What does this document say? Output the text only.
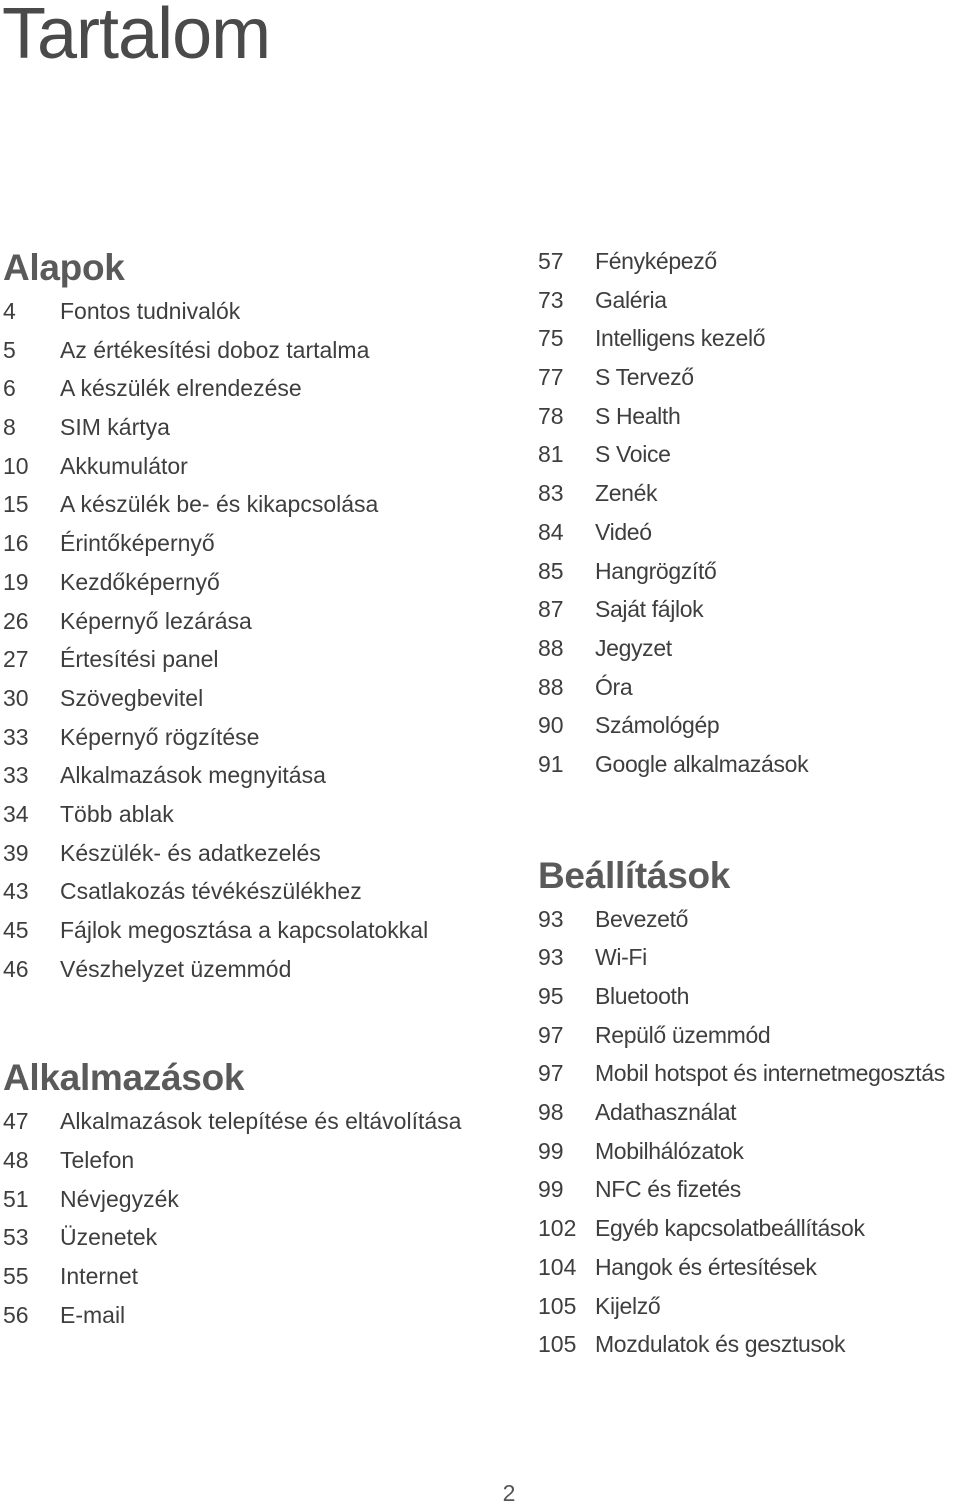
Tartalom
Alapok
4	Fontos tudnivalók
5	Az értékesítési doboz tartalma
6	A készülék elrendezése
8	SIM kártya
10	Akkumulátor
15	A készülék be- és kikapcsolása
16	Érintőképernyő
19	Kezdőképernyő
26	Képernyő lezárása
27	Értesítési panel
30	Szövegbevitel
33	Képernyő rögzítése
33	Alkalmazások megnyitása
34	Több ablak
39	Készülék- és adatkezelés
43	Csatlakozás tévékészülékhez
45	Fájlok megosztása a kapcsolatokkal
46	Vészhelyzet üzemmód
Alkalmazások
47	Alkalmazások telepítése és eltávolítása
48	Telefon
51	Névjegyzék
53	Üzenetek
55	Internet
56	E-mail
57	Fényképező
73	Galéria
75	Intelligens kezelő
77	S Tervező
78	S Health
81	S Voice
83	Zenék
84	Videó
85	Hangrögzítő
87	Saját fájlok
88	Jegyzet
88	Óra
90	Számológép
91	Google alkalmazások
Beállítások
93	Bevezető
93	Wi-Fi
95	Bluetooth
97	Repülő üzemmód
97	Mobil hotspot és internetmegosztás
98	Adathasználat
99	Mobilhálózatok
99	NFC és fizetés
102 Egyéb kapcsolatbeállítások
104 Hangok és értesítések
105 Kijelző
105 Mozdulatok és gesztusok
2
